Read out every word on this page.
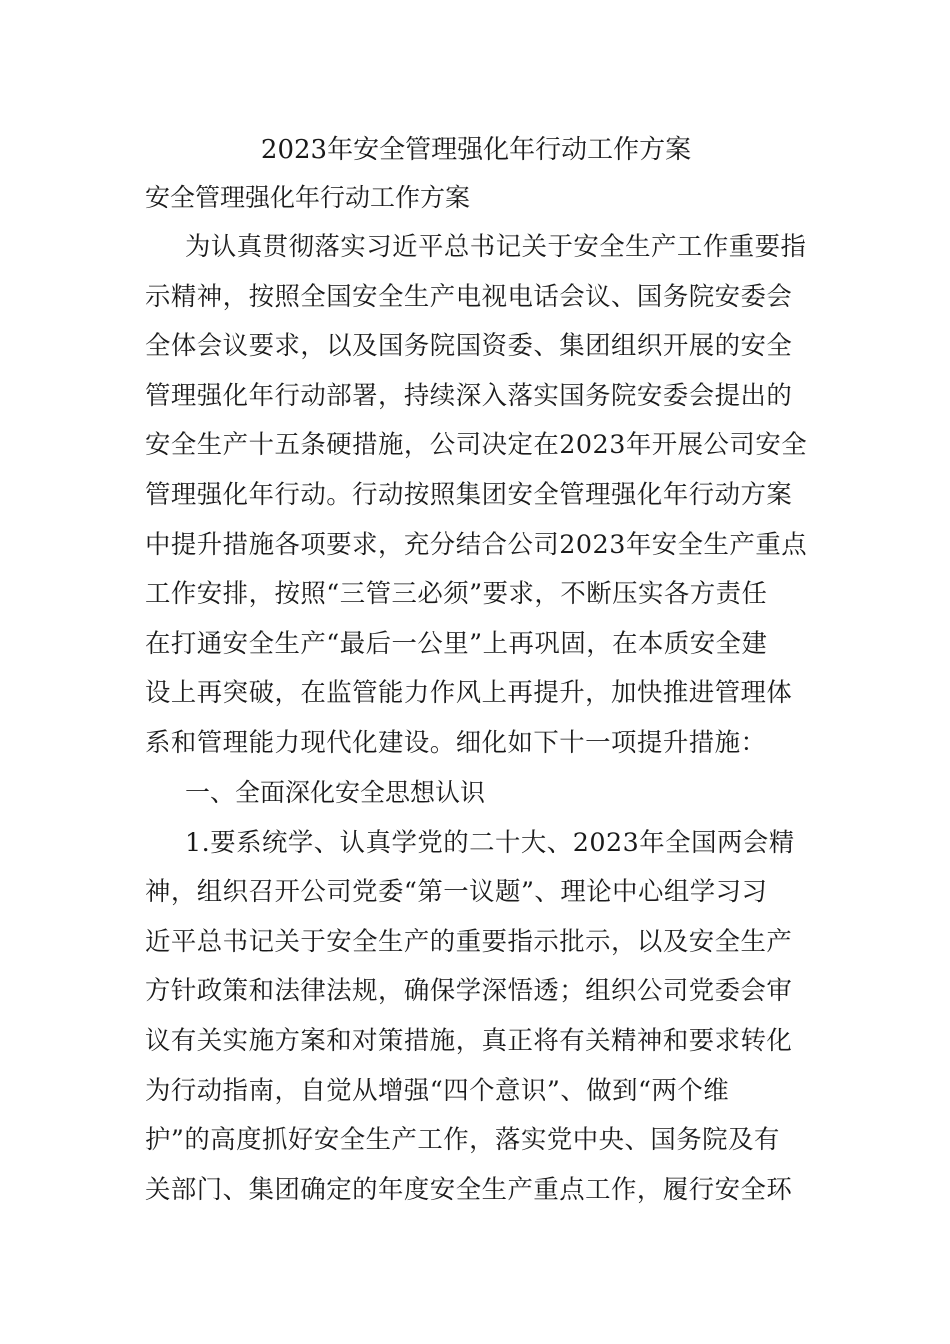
2023年安全管理强化年行动工作方案

安全管理强化年行动工作方案

为认真贯彻落实习近平总书记关于安全生产工作重要指
示精神，按照全国安全生产电视电话会议、国务院安委会
全体会议要求，以及国务院国资委、集团组织开展的安全
管理强化年行动部署，持续深入落实国务院安委会提出的
安全生产十五条硬措施，公司决定在2023年开展公司安全
管理强化年行动。行动按照集团安全管理强化年行动方案
中提升措施各项要求，充分结合公司2023年安全生产重点
工作安排，按照“三管三必须”要求，不断压实各方责任
在打通安全生产“最后一公里”上再巩固，在本质安全建
设上再突破，在监管能力作风上再提升，加快推进管理体
系和管理能力现代化建设。细化如下十一项提升措施：

一、全面深化安全思想认识

1.要系统学、认真学党的二十大、2023年全国两会精
神，组织召开公司党委“第一议题”、理论中心组学习习
近平总书记关于安全生产的重要指示批示，以及安全生产
方针政策和法律法规，确保学深悟透；组织公司党委会审
议有关实施方案和对策措施，真正将有关精神和要求转化
为行动指南，自觉从增强“四个意识”、做到“两个维
护”的高度抓好安全生产工作，落实党中央、国务院及有
关部门、集团确定的年度安全生产重点工作，履行安全环
